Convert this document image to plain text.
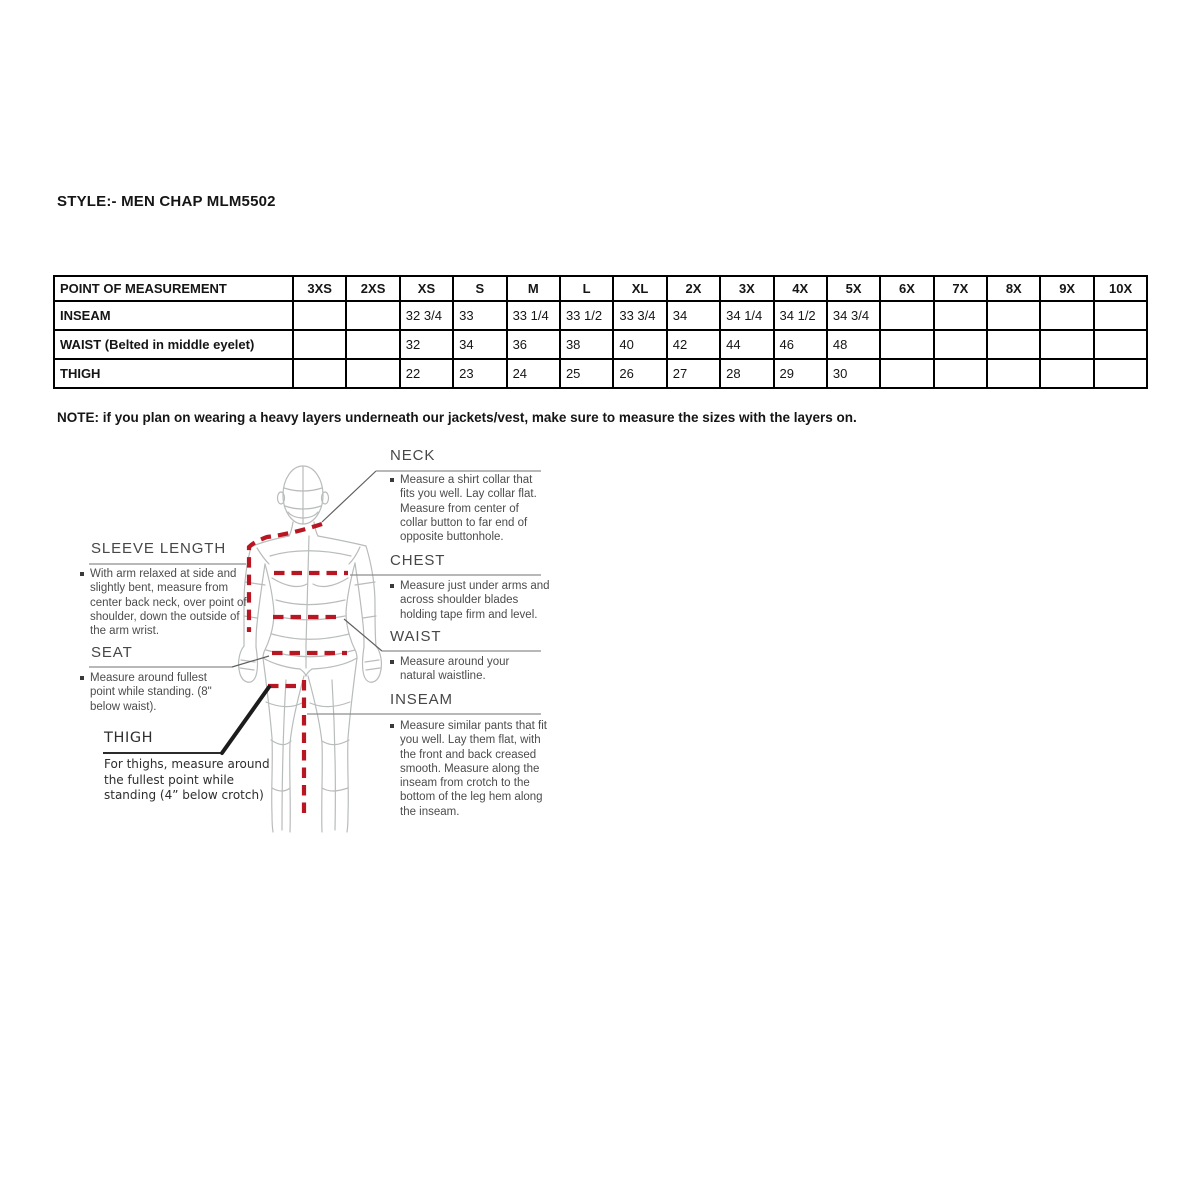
STYLE:- MEN CHAP MLM5502
POINT OF MEASUREMENT	3XS	2XS	XS	S	M	L	XL	2X	3X	4X	5X	6X	7X	8X	9X	10X
INSEAM			32 3/4	33	33 1/4	33 1/2	33 3/4	34	34 1/4	34 1/2	34 3/4					
WAIST (Belted in middle eyelet)			32	34	36	38	40	42	44	46	48					
THIGH			22	23	24	25	26	27	28	29	30					
NOTE: if you plan on wearing a heavy layers underneath our jackets/vest, make sure to measure the sizes with the layers on.
NECK
Measure a shirt collar that fits you well. Lay collar flat. Measure from center of collar button to far end of opposite buttonhole.
CHEST
Measure just under arms and across shoulder blades holding tape firm and level.
WAIST
Measure around your natural waistline.
INSEAM
Measure similar pants that fit you well. Lay them flat, with the front and back creased smooth. Measure along the inseam from crotch to the bottom of the leg hem along the inseam.
SLEEVE LENGTH
With arm relaxed at side and slightly bent, measure from center back neck, over point of shoulder, down the outside of the arm wrist.
SEAT
Measure around fullest point while standing. (8" below waist).
THIGH
For thighs, measure around the fullest point while standing (4” below crotch)
